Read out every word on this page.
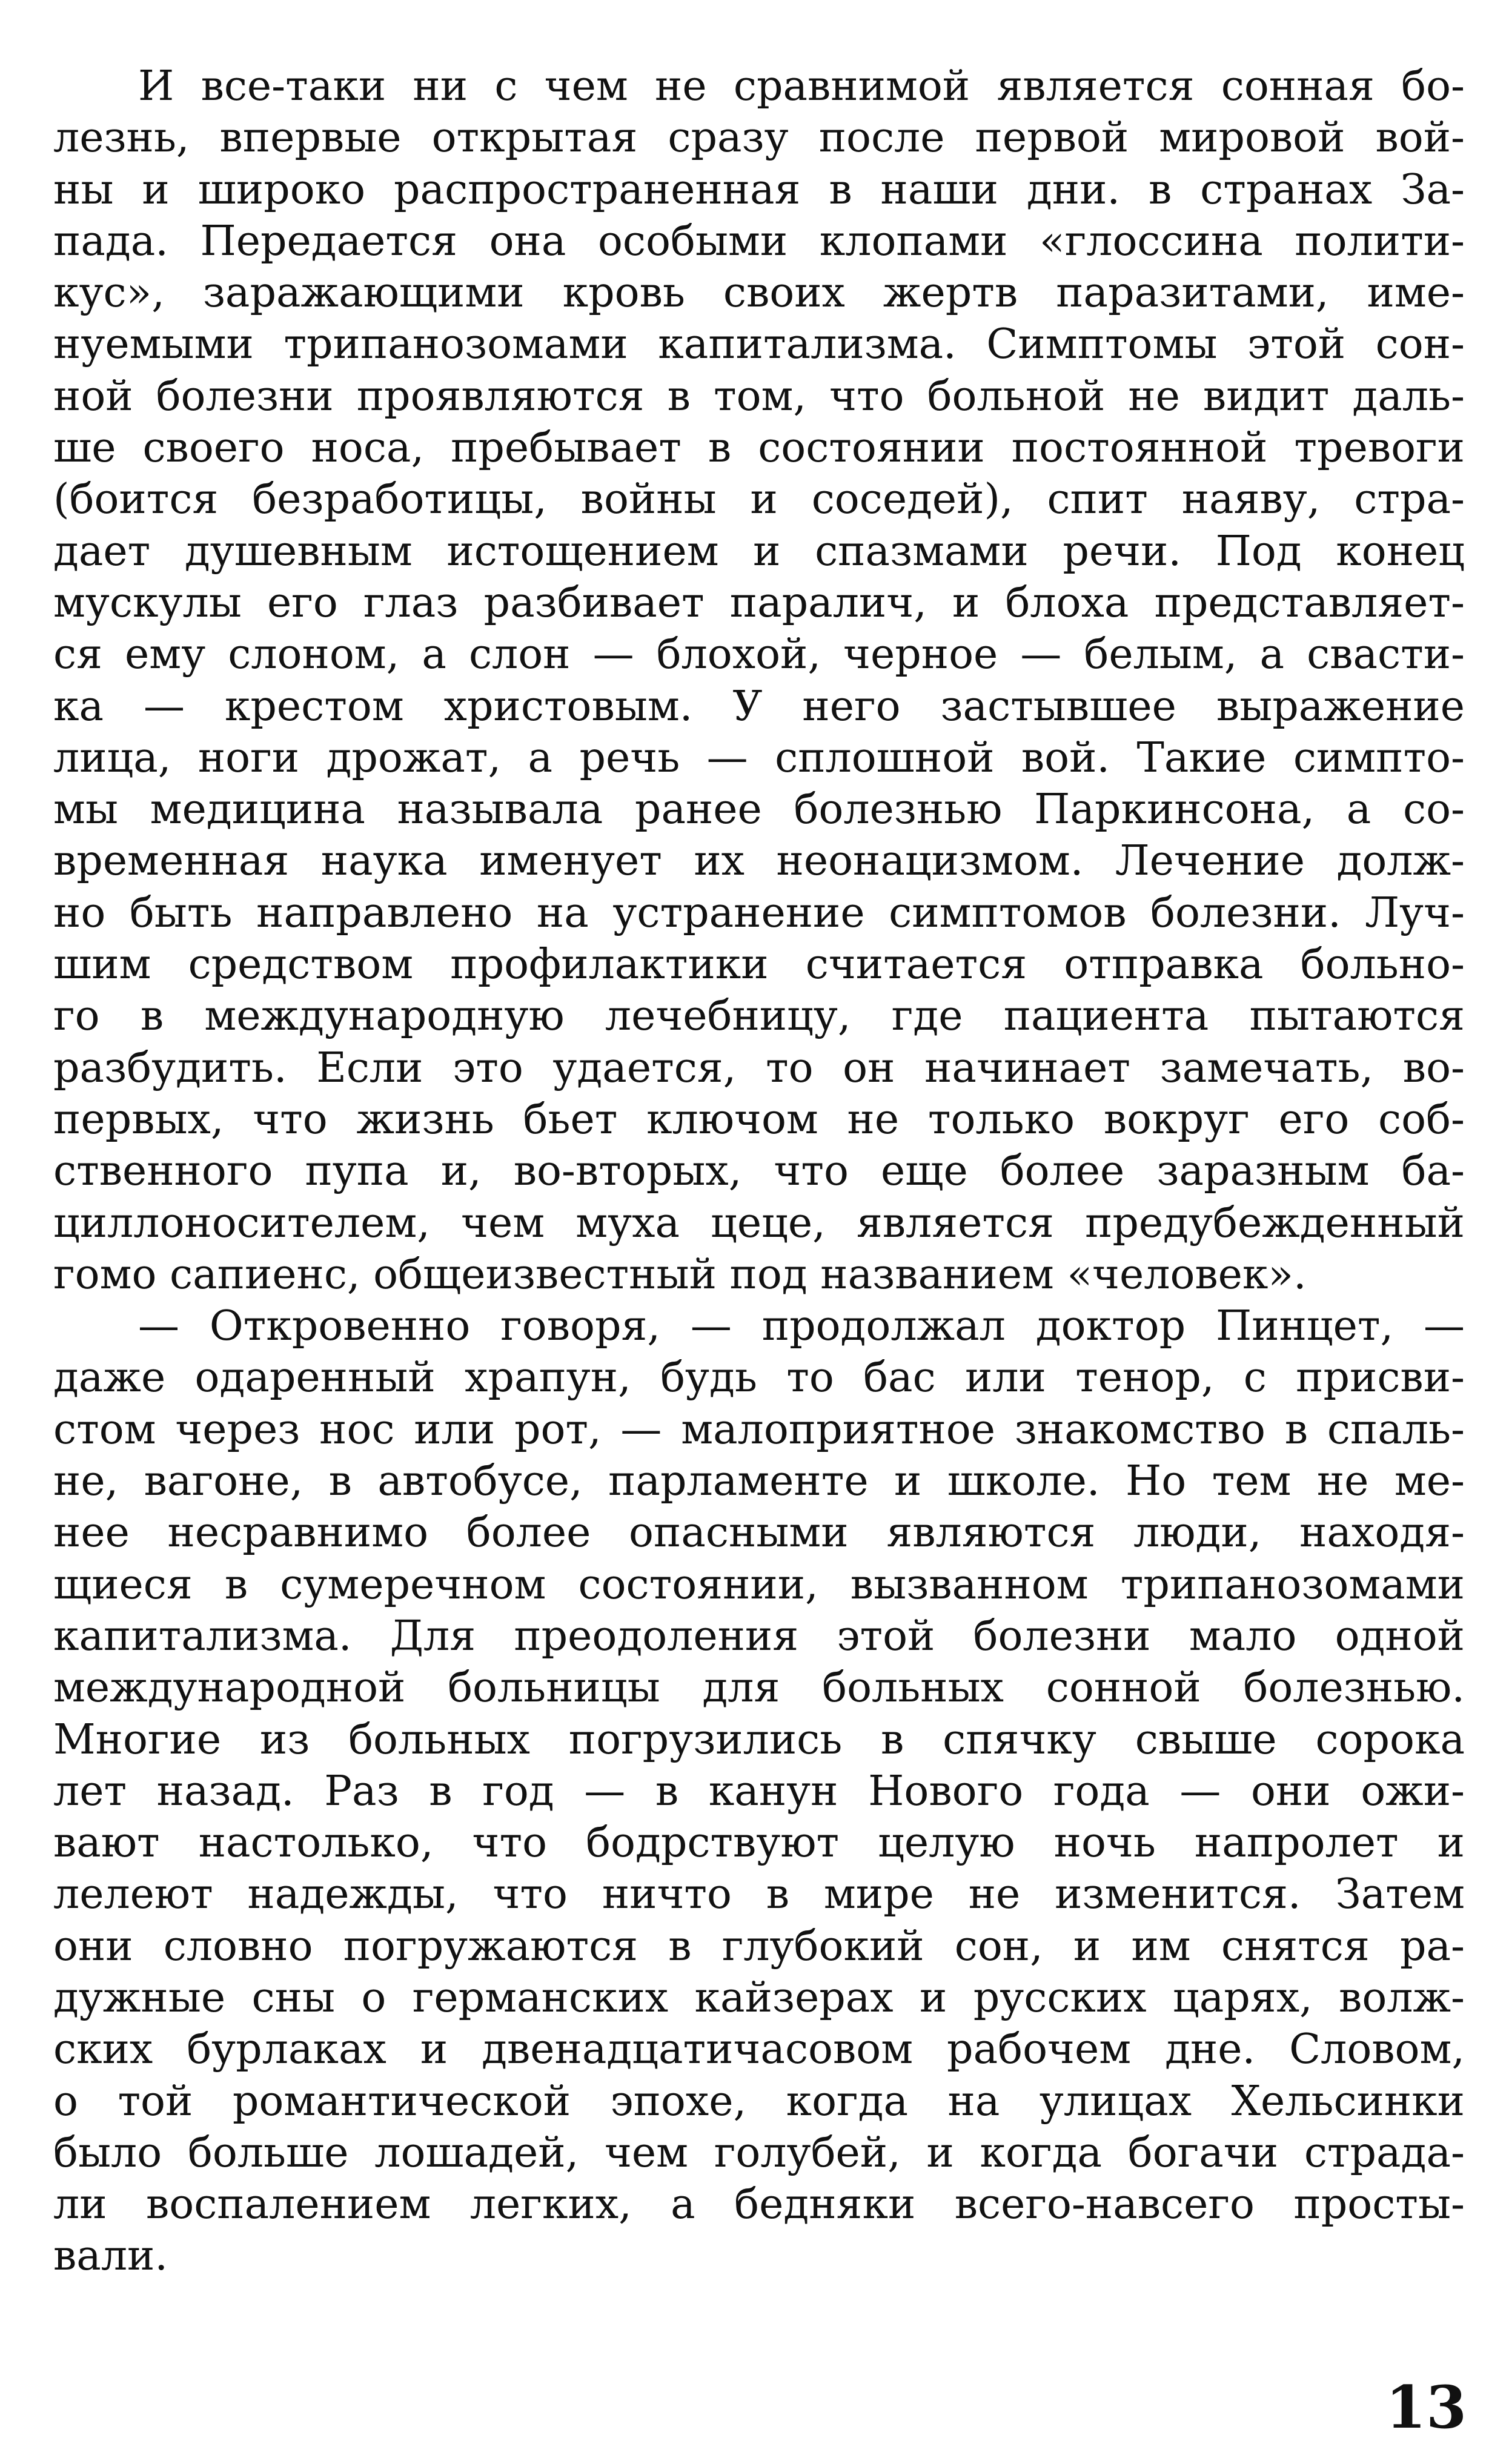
И все-таки ни с чем не сравнимой является сонная бо-
лезнь, впервые открытая сразу после первой мировой вой-
ны и широко распространенная в наши дни. в странах За-
пада. Передается она особыми клопами «глоссина полити-
кус», заражающими кровь своих жертв паразитами, име-
нуемыми трипанозомами капитализма. Симптомы этой сон-
ной болезни проявляются в том, что больной не видит даль-
ше своего носа, пребывает в состоянии постоянной тревоги
(боится безработицы, войны и соседей), спит наяву, стра-
дает душевным истощением и спазмами речи. Под конец
мускулы его глаз разбивает паралич, и блоха представляет-
ся ему слоном, а слон — блохой, черное — белым, а свасти-
ка — крестом христовым. У него застывшее выражение
лица, ноги дрожат, а речь — сплошной вой. Такие симпто-
мы медицина называла ранее болезнью Паркинсона, а со-
временная наука именует их неонацизмом. Лечение долж-
но быть направлено на устранение симптомов болезни. Луч-
шим средством профилактики считается отправка больно-
го в международную лечебницу, где пациента пытаются
разбудить. Если это удается, то он начинает замечать, во-
первых, что жизнь бьет ключом не только вокруг его соб-
ственного пупа и, во-вторых, что еще более заразным ба-
циллоносителем, чем муха цеце, является предубежденный
гомо сапиенс, общеизвестный под названием «человек».

— Откровенно говоря, — продолжал доктор Пинцет, —
даже одаренный храпун, будь то бас или тенор, с присви-
стом через нос или рот, — малоприятное знакомство в спаль-
не, вагоне, в автобусе, парламенте и школе. Но тем не ме-
нее несравнимо более опасными являются люди, находя-
щиеся в сумеречном состоянии, вызванном трипанозомами
капитализма. Для преодоления этой болезни мало одной
международной больницы для больных сонной болезнью.
Многие из больных погрузились в спячку свыше сорока
лет назад. Раз в год — в канун Нового года — они ожи-
вают настолько, что бодрствуют целую ночь напролет и
лелеют надежды, что ничто в мире не изменится. Затем
они словно погружаются в глубокий сон, и им снятся ра-
дужные сны о германских кайзерах и русских царях, волж-
ских бурлаках и двенадцатичасовом рабочем дне. Словом,
о той романтической эпохе, когда на улицах Хельсинки
было больше лошадей, чем голубей, и когда богачи страда-
ли воспалением легких, а бедняки всего-навсего просты-
вали.

13
